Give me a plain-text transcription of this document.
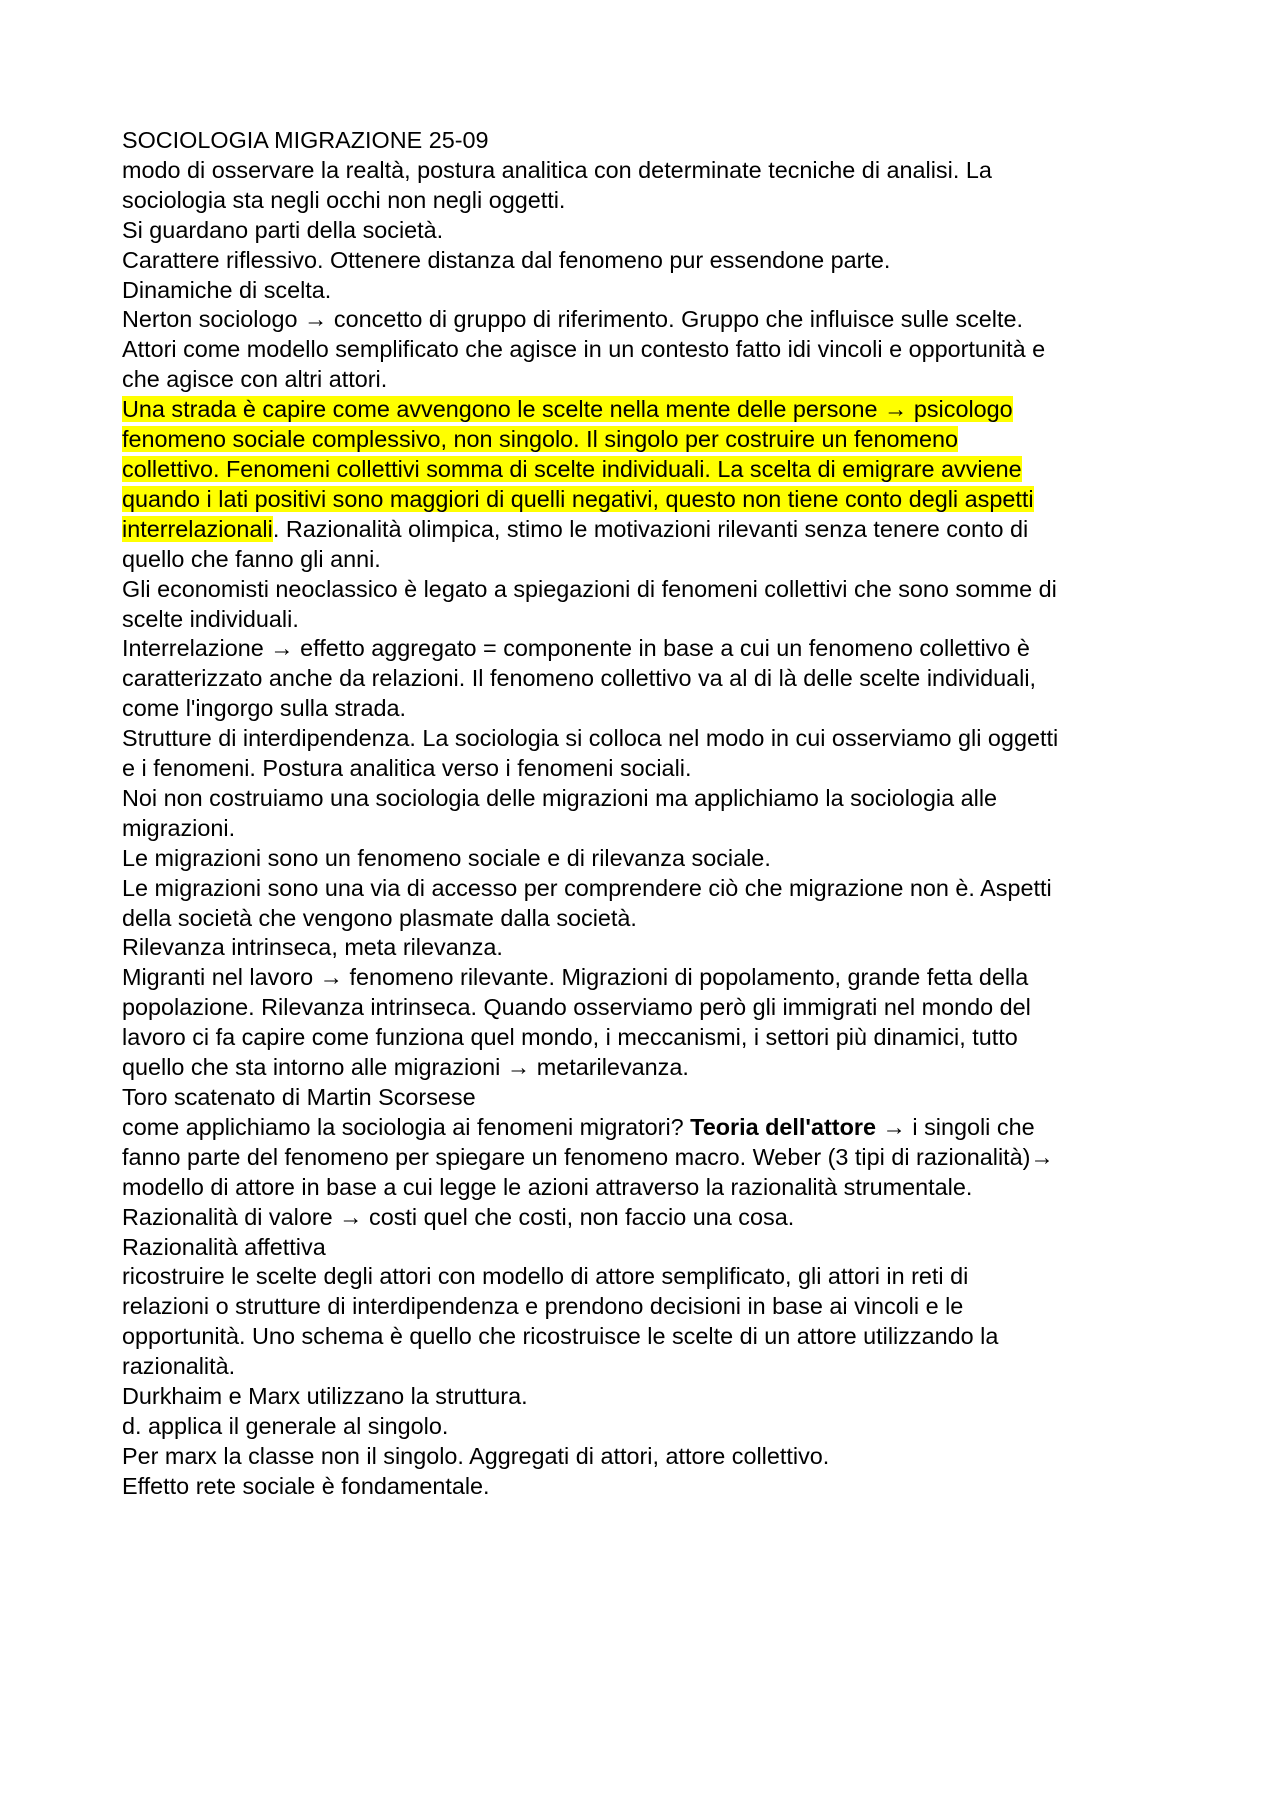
SOCIOLOGIA MIGRAZIONE 25-09
modo di osservare la realtà, postura analitica con determinate tecniche di analisi. La
sociologia sta negli occhi non negli oggetti.
Si guardano parti della società.
Carattere riflessivo. Ottenere distanza dal fenomeno pur essendone parte.
Dinamiche di scelta.
Nerton sociologo → concetto di gruppo di riferimento. Gruppo che influisce sulle scelte.
Attori come modello semplificato che agisce in un contesto fatto idi vincoli e opportunità e
che agisce con altri attori.
Una strada è capire come avvengono le scelte nella mente delle persone → psicologo
fenomeno sociale complessivo, non singolo. Il singolo per costruire un fenomeno
collettivo. Fenomeni collettivi somma di scelte individuali. La scelta di emigrare avviene
quando i lati positivi sono maggiori di quelli negativi, questo non tiene conto degli aspetti
interrelazionali. Razionalità olimpica, stimo le motivazioni rilevanti senza tenere conto di
quello che fanno gli anni.
Gli economisti neoclassico è legato a spiegazioni di fenomeni collettivi che sono somme di
scelte individuali.
Interrelazione → effetto aggregato = componente in base a cui un fenomeno collettivo è
caratterizzato anche da relazioni. Il fenomeno collettivo va al di là delle scelte individuali,
come l'ingorgo sulla strada.
Strutture di interdipendenza. La sociologia si colloca nel modo in cui osserviamo gli oggetti
e i fenomeni. Postura analitica verso i fenomeni sociali.
Noi non costruiamo una sociologia delle migrazioni ma applichiamo la sociologia alle
migrazioni.
Le migrazioni sono un fenomeno sociale e di rilevanza sociale.
Le migrazioni sono una via di accesso per comprendere ciò che migrazione non è. Aspetti
della società che vengono plasmate dalla società.
Rilevanza intrinseca, meta rilevanza.
Migranti nel lavoro → fenomeno rilevante. Migrazioni di popolamento, grande fetta della
popolazione. Rilevanza intrinseca. Quando osserviamo però gli immigrati nel mondo del
lavoro ci fa capire come funziona quel mondo, i meccanismi, i settori più dinamici, tutto
quello che sta intorno alle migrazioni → metarilevanza.
Toro scatenato di Martin Scorsese
come applichiamo la sociologia ai fenomeni migratori? Teoria dell'attore → i singoli che
fanno parte del fenomeno per spiegare un fenomeno macro. Weber (3 tipi di razionalità)→
modello di attore in base a cui legge le azioni attraverso la razionalità strumentale.
Razionalità di valore → costi quel che costi, non faccio una cosa.
Razionalità affettiva
ricostruire le scelte degli attori con modello di attore semplificato, gli attori in reti di
relazioni o strutture di interdipendenza e prendono decisioni in base ai vincoli e le
opportunità. Uno schema è quello che ricostruisce le scelte di un attore utilizzando la
razionalità.
Durkhaim e Marx utilizzano la struttura.
d. applica il generale al singolo.
Per marx la classe non il singolo. Aggregati di attori, attore collettivo.
Effetto rete sociale è fondamentale.
